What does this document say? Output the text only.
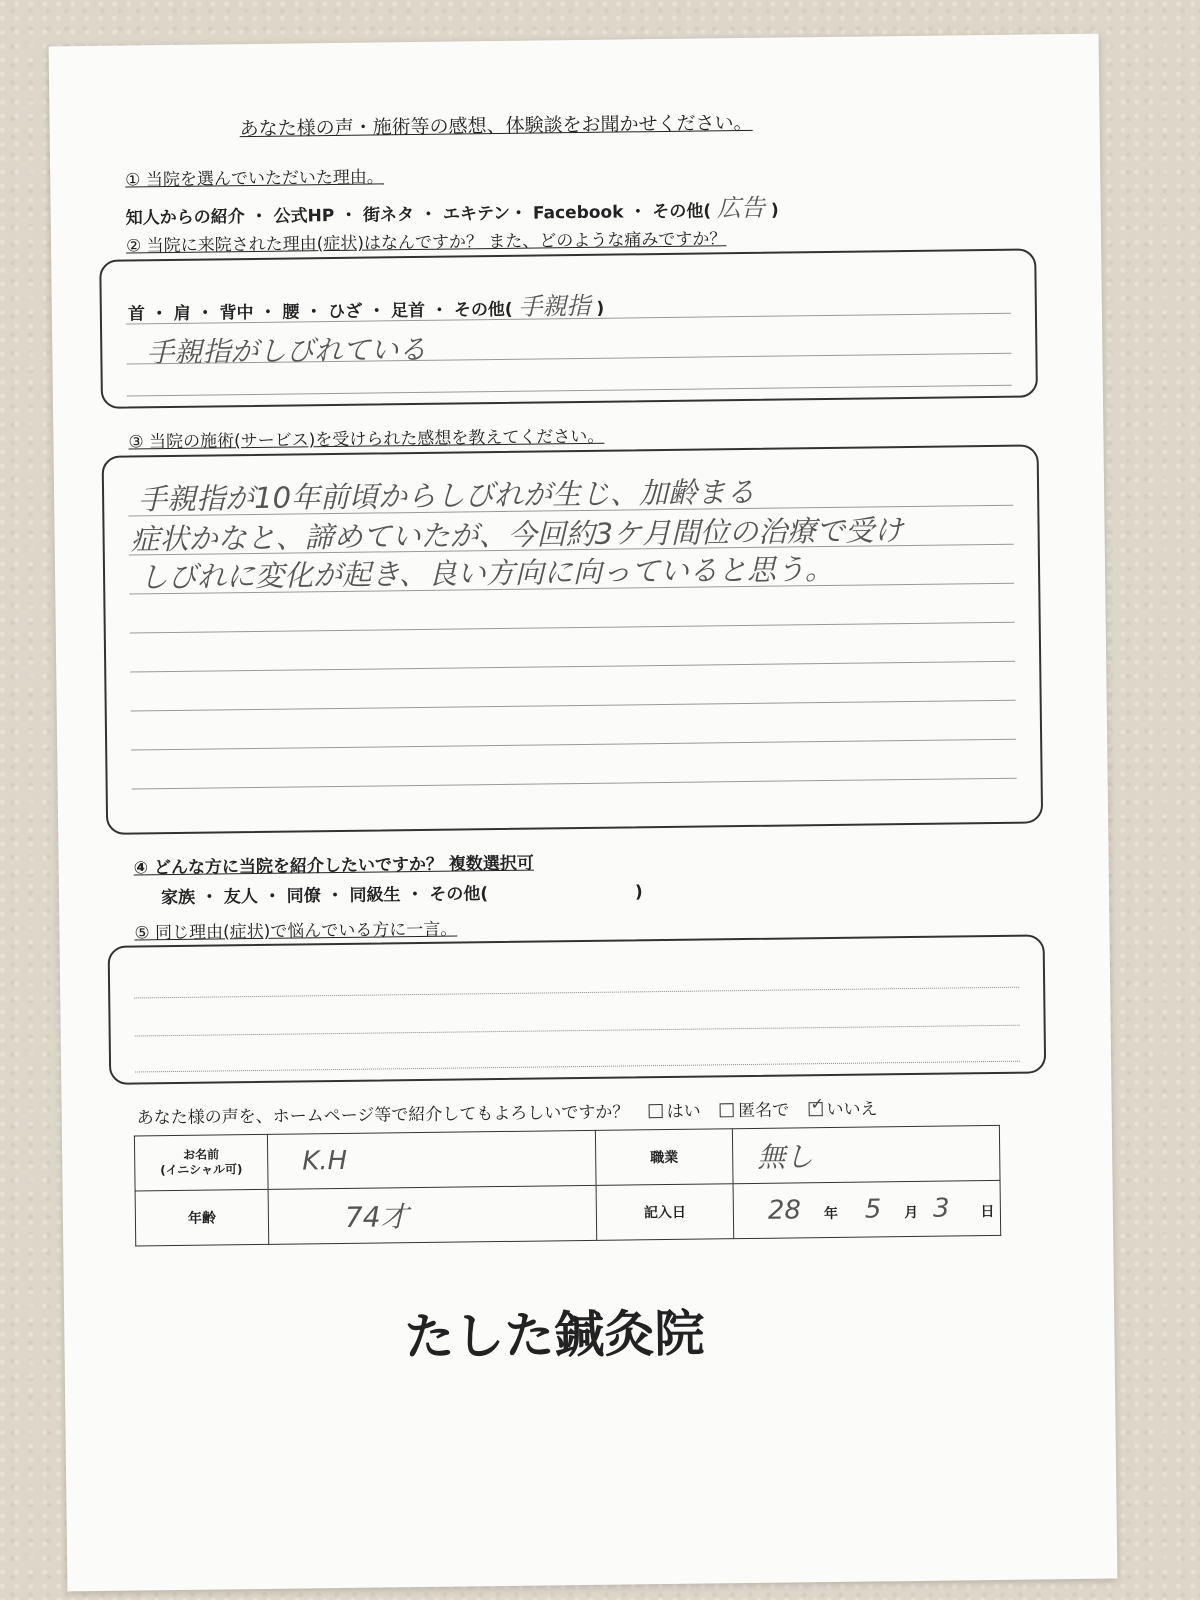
あなた様の声・施術等の感想、体験談をお聞かせください。
① 当院を選んでいただいた理由。
知人からの紹介 ・ 公式HP ・ 街ネタ ・ エキテン・ Facebook ・ その他( 広告 )
② 当院に来院された理由(症状)はなんですか？ また、どのような痛みですか？
首 ・ 肩 ・ 背中 ・ 腰 ・ ひざ ・ 足首 ・ その他( 手親指 )
手親指がしびれている
③ 当院の施術(サービス)を受けられた感想を教えてください。
手親指が10年前頃からしびれが生じ、加齢まる
症状かなと、諦めていたが、今回約3ケ月間位の治療で受け
しびれに変化が起き、良い方向に向っていると思う。
④ どんな方に当院を紹介したいですか？ 複数選択可
家族 ・ 友人 ・ 同僚 ・ 同級生 ・ その他(	)
⑤ 同じ理由(症状)で悩んでいる方に一言。
あなた様の声を、ホームページ等で紹介してもよろしいですか？ はい 匿名で ✓ いいえ
お名前
(イニシャル可)	K.H	職業	無し
年齢	74才	記入日	28 年 5 月 3 日
たした鍼灸院
